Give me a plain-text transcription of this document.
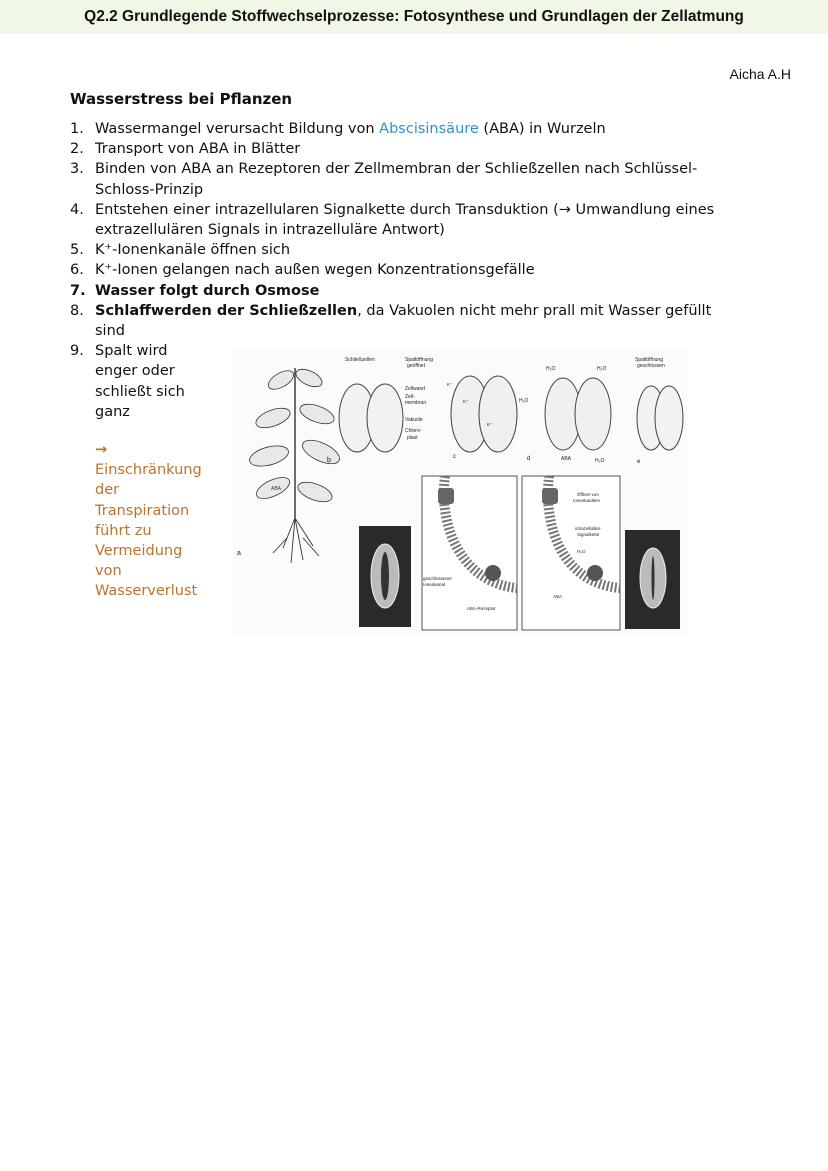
Q2.2 Grundlegende Stoffwechselprozesse: Fotosynthese und Grundlagen der Zellatmung
Aicha A.H
Wasserstress bei Pflanzen
1. Wassermangel verursacht Bildung von Abscisinsäure (ABA) in Wurzeln
2. Transport von ABA in Blätter
3. Binden von ABA an Rezeptoren der Zellmembran der Schließzellen nach Schlüssel-Schloss-Prinzip
4. Entstehen einer intrazellularen Signalkette durch Transduktion (→ Umwandlung eines extrazellulären Signals in intrazelluläre Antwort)
5. K⁺-Ionenkanäle öffnen sich
6. K⁺-Ionen gelangen nach außen wegen Konzentrationsgefälle
7. Wasser folgt durch Osmose
8. Schlaffwerden der Schließzellen, da Vakuolen nicht mehr prall mit Wasser gefüllt sind
9. Spalt wird
enger oder
schließt sich
ganz
→
Einschränkung
der
Transpiration
führt zu
Vermeidung
von
Wasserverlust
ABA
b
a
Schließzellen	Spaltöffnung
geöffnet
Zellwand
Zell-
membran
Vakuole
Chloro-
plast
c
K⁺
K⁺
K⁺
d
H₂O	H₂O
H₂O
ABA	H₂O
Spaltöffnung
geschlossen
e
geschlossener
Ionenkanal
ABA-Rezeptor
Öffnen von
Ionenkanälen
intrazelluläre
Signalkette
H₂O
ABA
